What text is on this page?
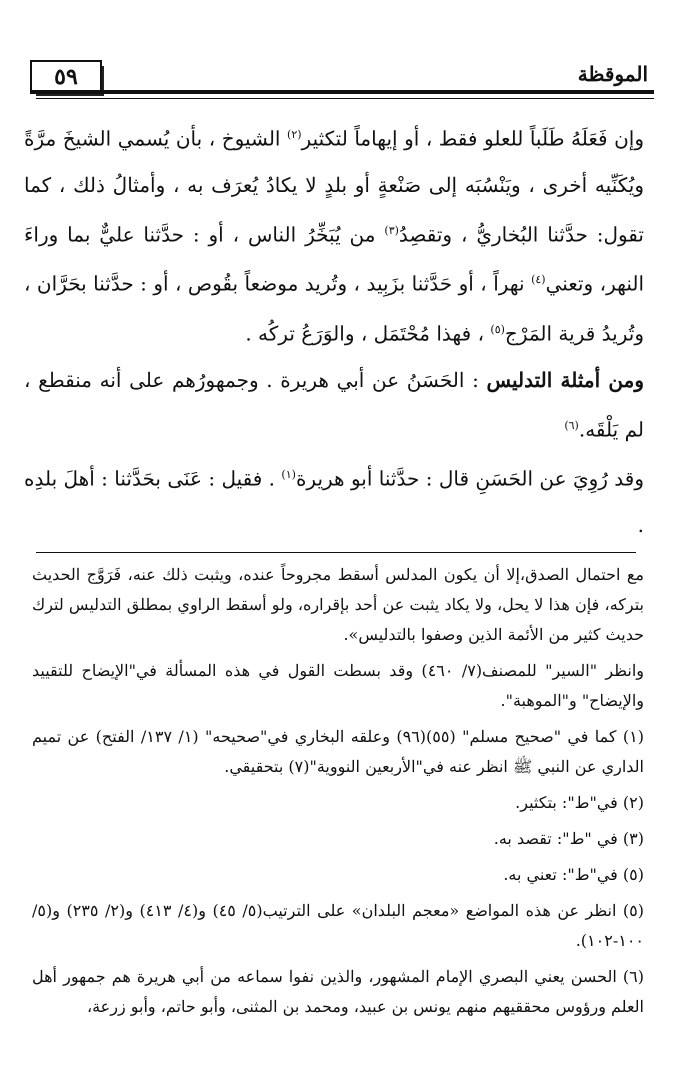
٥٩	الموقظة

وإن فَعَلَهُ طَلَباً للعلو فقط ، أو إيهاماً لتكثير$^{(٢)}$ الشيوخ ، بأن يُسمي الشيخَ مرَّةً ويُكَنِّيه أخرى ، ويَنْسُبَه إلى صَنْعةٍ أو بلدٍ لا يكادُ يُعرَف به ، وأمثالُ ذلك ، كما تقول: حدَّثنا البُخاريُّ ، وتقصِدُ$^{(٣)}$ من يُبَخِّرُ الناس ، أو : حدَّثنا عليٌّ بما وراءَ النهر، وتعني$^{(٤)}$ نهراً ، أو حَدَّثنا بزَبِيد ، وتُريد موضعاً بقُوص ، أو : حدَّثنا بحَرَّان ، وتُريدُ قرية المَرْج$^{(٥)}$ ، فهذا مُحْتَمَل ، والوَرَعُ تركُه .

ومن أمثلة التدليس : الحَسَنُ عن أبي هريرة . وجمهورُهم على أنه منقطع ، لم يَلْقَه.$^{(٦)}$

وقد رُوِيَ عن الحَسَنِ قال : حدَّثنا أبو هريرة$^{(١)}$ . فقيل : عَنَى بحَدَّثنا : أهلَ بلدِه .

مع احتمال الصدق،إلا أن يكون المدلس أسقط مجروحاً عنده، ويثبت ذلك عنه، فَرَوَّج الحديث بتركه، فإن هذا لا يحل، ولا يكاد يثبت عن أحد بإقراره، ولو أسقط الراوي بمطلق التدليس لترك حديث كثير من الأئمة الذين وصفوا بالتدليس».

وانظر "السير" للمصنف(٧/ ٤٦٠) وقد بسطت القول في هذه المسألة في"الإيضاح للتقييد والإيضاح" و"الموهبة".

(١) كما في "صحيح مسلم" (٥٥)(٩٦) وعلقه البخاري في"صحيحه" (١/ ١٣٧/ الفتح) عن تميم الداري عن النبي ﷺ انظر عنه في"الأربعين النووية"(٧) بتحقيقي.

(٢) في"ط": بتكثير.

(٣) في "ط": تقصد به.

(٥) في"ط": تعني به.

(٥) انظر عن هذه المواضع «معجم البلدان» على الترتيب(٥/ ٤٥) و(٤/ ٤١٣) و(٢/ ٢٣٥) و(٥/ ١٠٠-١٠٢).

(٦) الحسن يعني البصري الإمام المشهور، والذين نفوا سماعه من أبي هريرة هم جمهور أهل العلم ورؤوس محققيهم منهم يونس بن عبيد، ومحمد بن المثنى، وأبو حاتم، وأبو زرعة،
